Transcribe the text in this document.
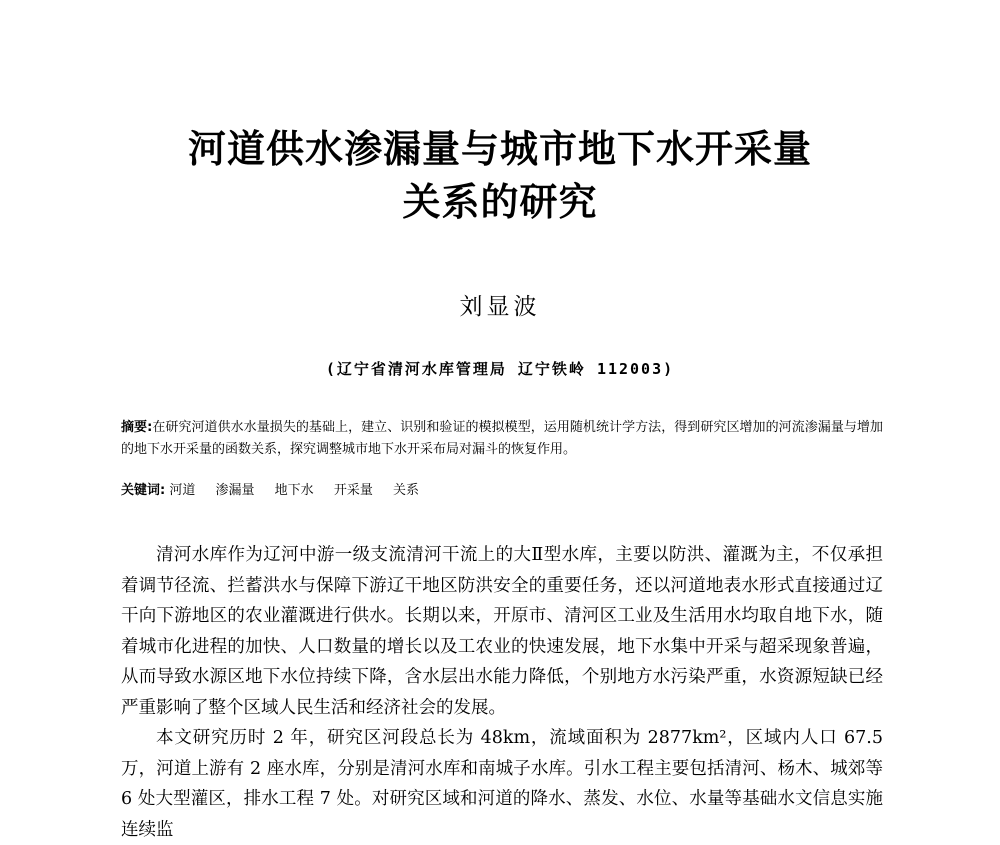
河道供水渗漏量与城市地下水开采量
关系的研究
刘显波
(辽宁省清河水库管理局 辽宁铁岭 112003)
摘要:在研究河道供水水量损失的基础上，建立、识别和验证的模拟模型，运用随机统计学方法，得到研究区增加的河流渗漏量与增加的地下水开采量的函数关系，探究调整城市地下水开采布局对漏斗的恢复作用。
关键词: 河道 渗漏量 地下水 开采量 关系

清河水库作为辽河中游一级支流清河干流上的大Ⅱ型水库，主要以防洪、灌溉为主，不仅承担着调节径流、拦蓄洪水与保障下游辽干地区防洪安全的重要任务，还以河道地表水形式直接通过辽干向下游地区的农业灌溉进行供水。长期以来，开原市、清河区工业及生活用水均取自地下水，随着城市化进程的加快、人口数量的增长以及工农业的快速发展，地下水集中开采与超采现象普遍，从而导致水源区地下水位持续下降，含水层出水能力降低，个别地方水污染严重，水资源短缺已经严重影响了整个区域人民生活和经济社会的发展。

本文研究历时 2 年，研究区河段总长为 48km，流域面积为 2877km²，区域内人口 67.5 万，河道上游有 2 座水库，分别是清河水库和南城子水库。引水工程主要包括清河、杨木、城郊等 6 处大型灌区，排水工程 7 处。对研究区域和河道的降水、蒸发、水位、水量等基础水文信息实施连续监
